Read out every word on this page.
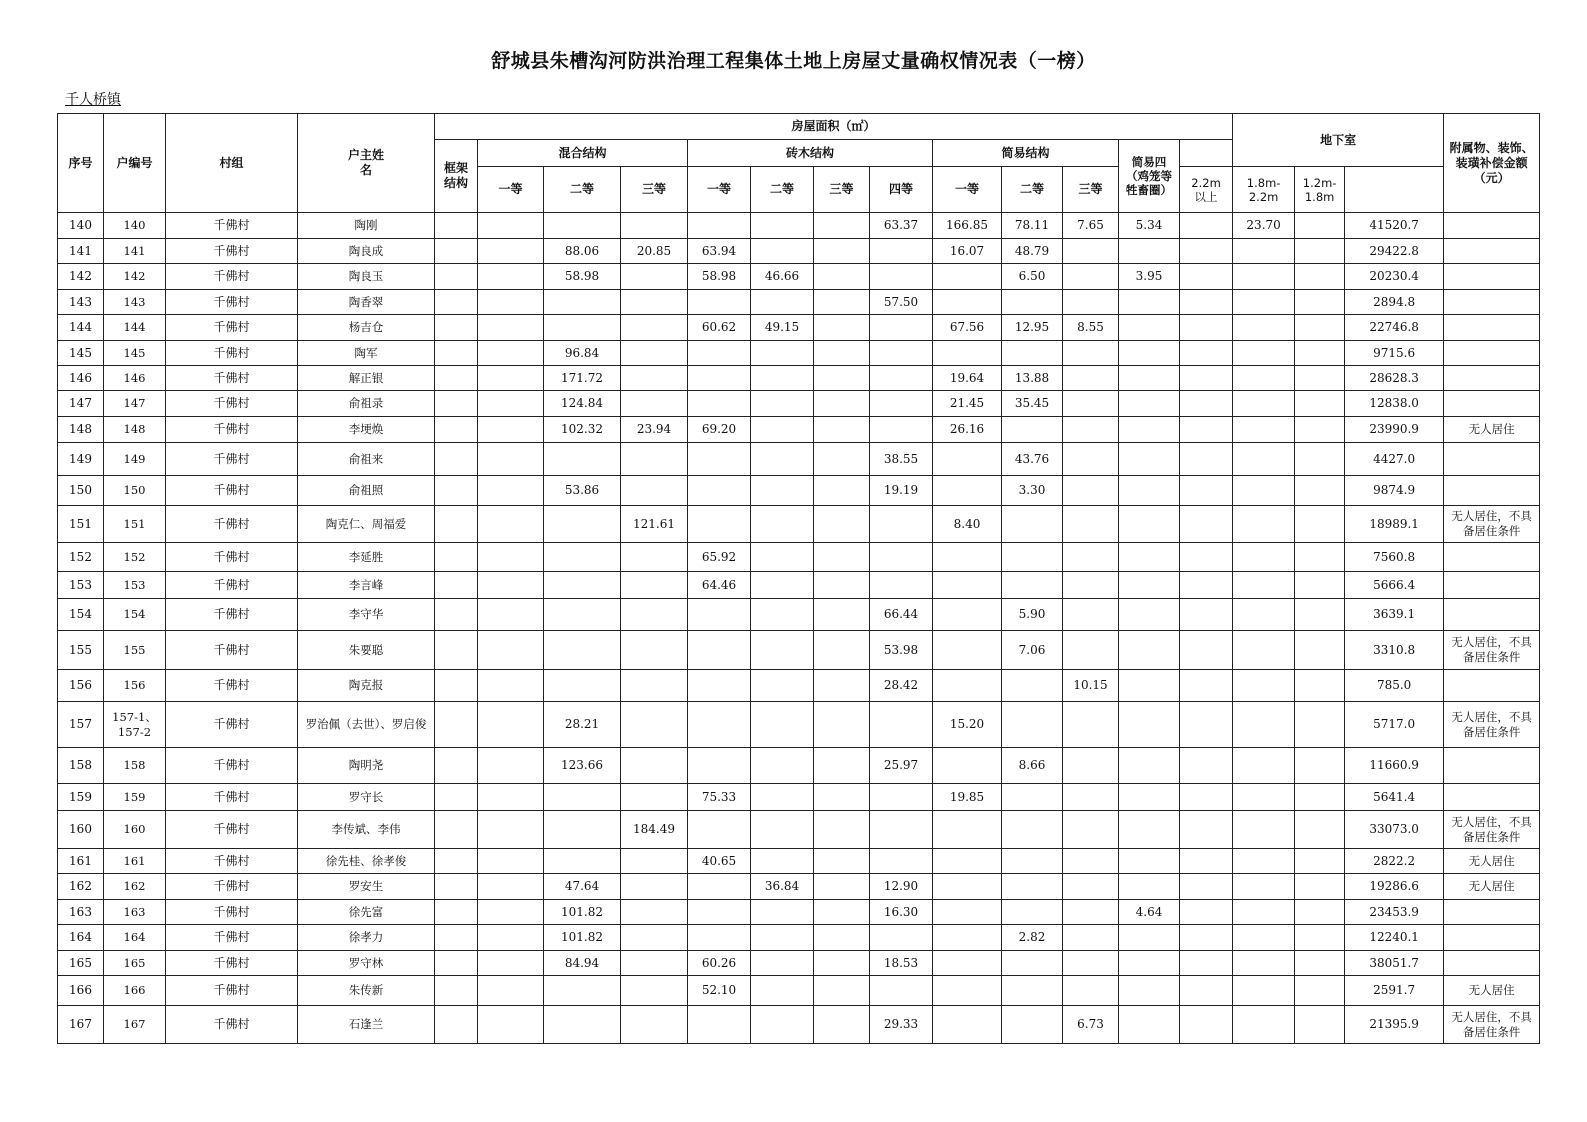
舒城县朱槽沟河防洪治理工程集体土地上房屋丈量确权情况表（一榜）
千人桥镇
序号	户编号	村组	户主姓名	房屋面积（㎡）													地下室			附属物、装饰、装璜补偿金额（元）	
				框架结构	混合结构			砖木结构				简易结构			简易四（鸡笼等牲畜圈）						
					一等	二等	三等	一等	二等	三等	四等	一等	二等	三等		2.2m以上	1.8m-2.2m	1.2m-1.8m			
140	140	千佛村	陶刚								63.37	166.85	78.11	7.65	5.34		23.70		41520.7		
141	141	千佛村	陶良成			88.06	20.85	63.94				16.07	48.79						29422.8		
142	142	千佛村	陶良玉			58.98		58.98	46.66				6.50		3.95				20230.4		
143	143	千佛村	陶香翠								57.50								2894.8		
144	144	千佛村	杨吉仓					60.62	49.15			67.56	12.95	8.55					22746.8		
145	145	千佛村	陶军			96.84													9715.6		
146	146	千佛村	解正银			171.72						19.64	13.88						28628.3		
147	147	千佛村	俞祖录			124.84						21.45	35.45						12838.0		
148	148	千佛村	李埂焕			102.32	23.94	69.20				26.16							23990.9	无人居住	
149	149	千佛村	俞祖来								38.55		43.76						4427.0		
150	150	千佛村	俞祖照			53.86					19.19		3.30						9874.9		
151	151	千佛村	陶克仁、周福爱				121.61					8.40							18989.1	无人居住，不具备居住条件	
152	152	千佛村	李延胜					65.92											7560.8		
153	153	千佛村	李言峰					64.46											5666.4		
154	154	千佛村	李守华								66.44		5.90						3639.1		
155	155	千佛村	朱要聪								53.98		7.06						3310.8	无人居住，不具备居住条件	
156	156	千佛村	陶克报								28.42			10.15					785.0		
157	157-1、157-2	千佛村	罗治佩（去世）、罗启俊			28.21						15.20							5717.0	无人居住，不具备居住条件	
158	158	千佛村	陶明尧			123.66					25.97		8.66						11660.9		
159	159	千佛村	罗守长					75.33				19.85							5641.4		
160	160	千佛村	李传斌、李伟				184.49												33073.0	无人居住，不具备居住条件	
161	161	千佛村	徐先桂、徐孝俊					40.65											2822.2	无人居住	
162	162	千佛村	罗安生			47.64			36.84		12.90								19286.6	无人居住	
163	163	千佛村	徐先富			101.82					16.30				4.64				23453.9		
164	164	千佛村	徐孝力			101.82							2.82						12240.1		
165	165	千佛村	罗守林			84.94		60.26			18.53								38051.7		
166	166	千佛村	朱传新					52.10											2591.7	无人居住	
167	167	千佛村	石逢兰								29.33			6.73					21395.9	无人居住，不具备居住条件	
